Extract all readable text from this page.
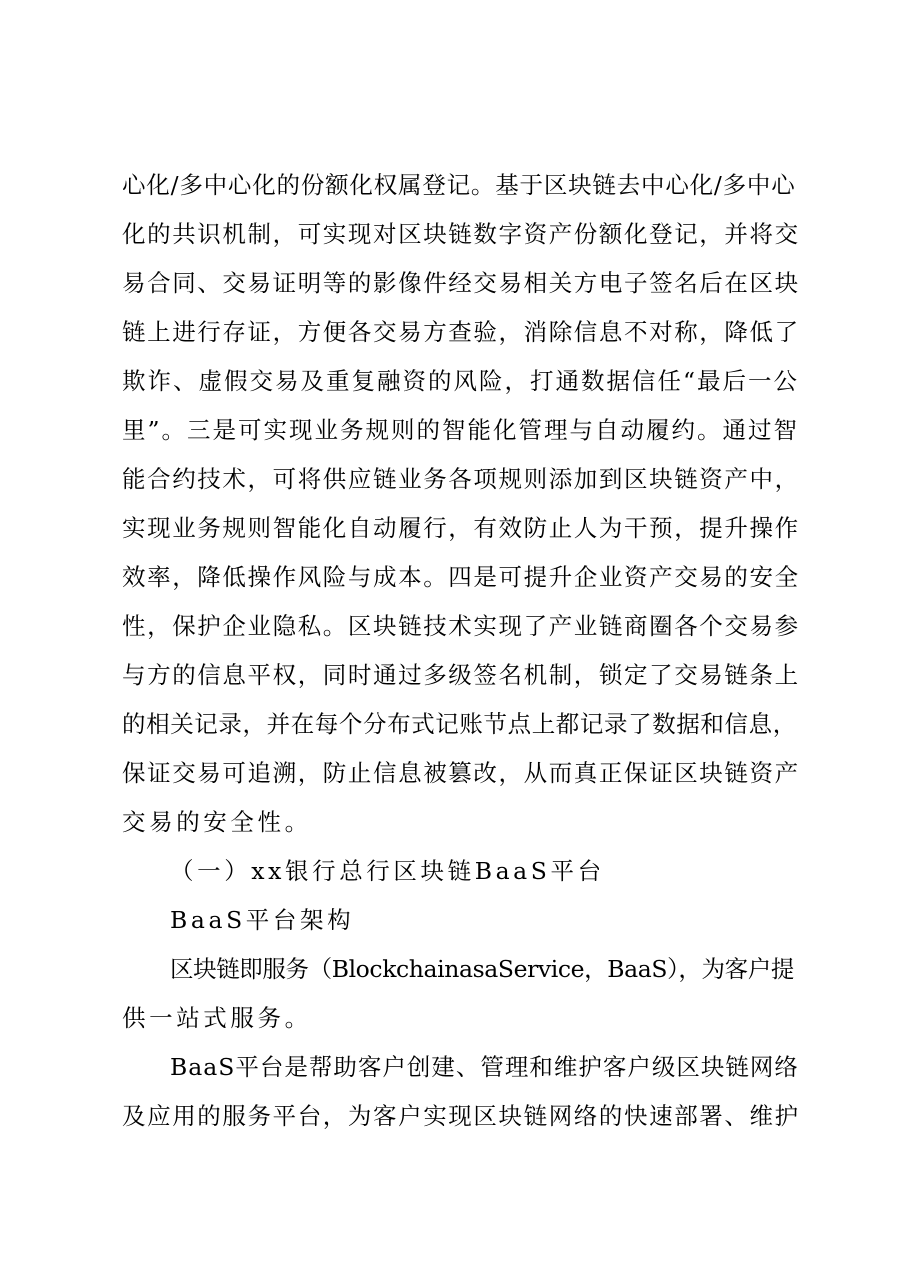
心化/多中心化的份额化权属登记。基于区块链去中心化/多中心
化的共识机制，可实现对区块链数字资产份额化登记，并将交
易合同、交易证明等的影像件经交易相关方电子签名后在区块
链上进行存证，方便各交易方查验，消除信息不对称，降低了
欺诈、虚假交易及重复融资的风险，打通数据信任“最后一公
里”。三是可实现业务规则的智能化管理与自动履约。通过智
能合约技术，可将供应链业务各项规则添加到区块链资产中，
实现业务规则智能化自动履行，有效防止人为干预，提升操作
效率，降低操作风险与成本。四是可提升企业资产交易的安全
性，保护企业隐私。区块链技术实现了产业链商圈各个交易参
与方的信息平权，同时通过多级签名机制，锁定了交易链条上
的相关记录，并在每个分布式记账节点上都记录了数据和信息，
保证交易可追溯，防止信息被篡改，从而真正保证区块链资产
交易的安全性。
（一）xx银行总行区块链BaaS平台
BaaS平台架构
区块链即服务（BlockchainasaService，BaaS），为客户提
供一站式服务。
BaaS平台是帮助客户创建、管理和维护客户级区块链网络
及应用的服务平台，为客户实现区块链网络的快速部署、维护
